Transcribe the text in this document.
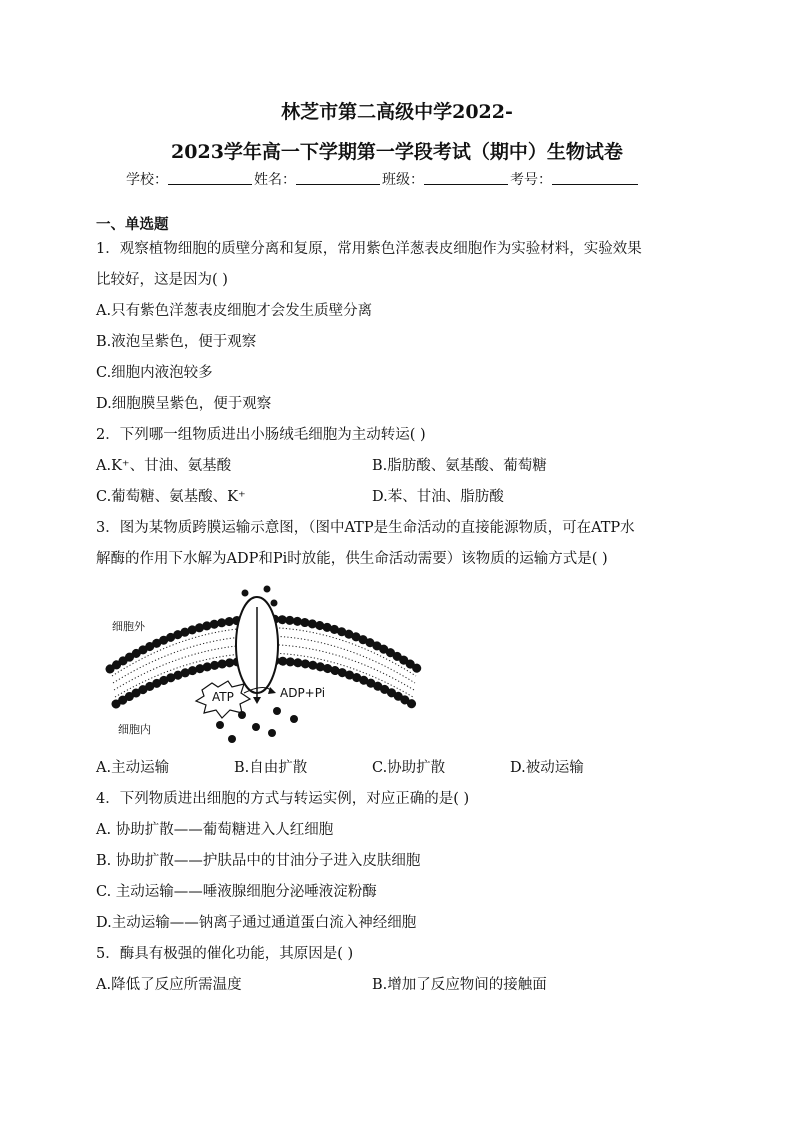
林芝市第二高级中学2022-
2023学年高一下学期第一学段考试（期中）生物试卷
学校：	姓名：	班级：	考号：
一、单选题
1．观察植物细胞的质壁分离和复原，常用紫色洋葱表皮细胞作为实验材料，实验效果
比较好，这是因为( )
A.只有紫色洋葱表皮细胞才会发生质壁分离
B.液泡呈紫色，便于观察
C.细胞内液泡较多
D.细胞膜呈紫色，便于观察
2．下列哪一组物质进出小肠绒毛细胞为主动转运( )
A.K⁺、甘油、氨基酸	B.脂肪酸、氨基酸、葡萄糖
C.葡萄糖、氨基酸、K⁺	D.苯、甘油、脂肪酸
3．图为某物质跨膜运输示意图，（图中ATP是生命活动的直接能源物质，可在ATP水
解酶的作用下水解为ADP和Pi时放能，供生命活动需要）该物质的运输方式是( )
ATP	ADP+Pi
细胞外
细胞内
A.主动运输	B.自由扩散	C.协助扩散	D.被动运输
4．下列物质进出细胞的方式与转运实例，对应正确的是( )
A. 协助扩散——葡萄糖进入人红细胞
B. 协助扩散——护肤品中的甘油分子进入皮肤细胞
C. 主动运输——唾液腺细胞分泌唾液淀粉酶
D.主动运输——钠离子通过通道蛋白流入神经细胞
5．酶具有极强的催化功能，其原因是( )
A.降低了反应所需温度	B.增加了反应物间的接触面
